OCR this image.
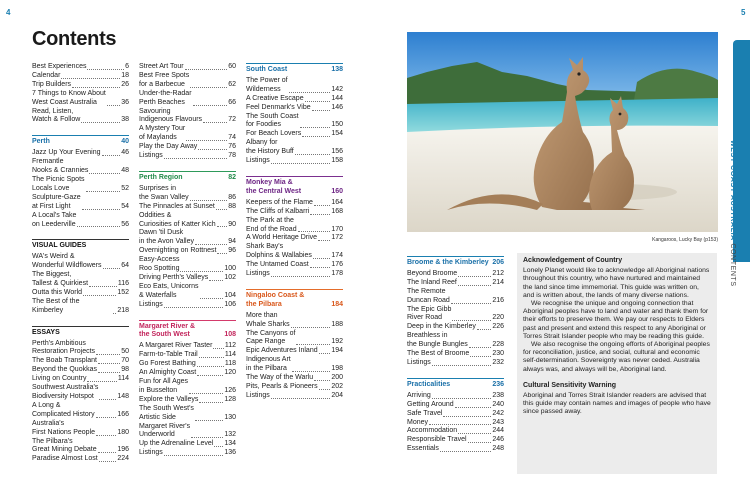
4	5
Contents
Best Experiences	6
Calendar	18
Trip Builders	26
7 Things to Know About
West Coast Australia	36
Read, Listen,
Watch & Follow	38
Perth	40
Jazz Up Your Evening	46
Fremantle
Nooks & Crannies	48
The Picnic Spots
Locals Love	52
Sculpture-Gaze
at First Light	54
A Local's Take
on Leederville	56
VISUAL GUIDES
WA's Weird &
Wonderful Wildflowers	64
The Biggest,
Tallest & Quirkiest	116
Outta this World	152
The Best of the Kimberley	218
ESSAYS
Perth's Ambitious
Restoration Projects	50
The Boab Transplant	70
Beyond the Quokkas	98
Living on Country	114
Southwest Australia's
Biodiversity Hotspot	148
A Long &
Complicated History	166
Australia's
First Nations People	180
The Pilbara's
Great Mining Debate	196
Paradise Almost Lost	224
Street Art Tour	60
Best Free Spots
for a Barbecue	62
Under-the-Radar
Perth Beaches	66
Savouring
Indigenous Flavours	72
A Mystery Tour
of Maylands	74
Play the Day Away	76
Listings	78
Perth Region	82
Surprises in
the Swan Valley	86
The Pinnacles at Sunset 88
Oddities &
Curiosities of Katter Kich 90
Dawn 'til Dusk
in the Avon Valley	94
Overnighting on Rottnest 96
Easy-Access
Roo Spotting	100
Driving Perth's Valleys 102
Eco Eats, Unicorns
& Waterfalls	104
Listings	106
Margaret River &
the South West	108
A Margaret River Taster 112
Farm-to-Table Trail	114
Go Forest Bathing	118
An Almighty Coast	120
Fun for All Ages
in Busselton	126
Explore the Valleys	128
The South West's
Artistic Side	130
Margaret River's
Underworld	132
Up the Adrenaline Level 134
Listings	136
South Coast	138
The Power of
Wilderness	142
A Creative Escape	144
Feel Denmark's Vibe	146
The South Coast
for Foodies	150
For Beach Lovers	154
Albany for
the History Buff	156
Listings	158
Monkey Mia &
the Central West	160
Keepers of the Flame	164
The Cliffs of Kalbarri	168
The Park at the
End of the Road	170
A World Heritage Drive 172
Shark Bay's
Dolphins & Wallabies	174
The Untamed Coast	176
Listings	178
Ningaloo Coast &
the Pilbara	184
More than
Whale Sharks	188
The Canyons of
Cape Range	192
Epic Adventures Inland 194
Indigenous Art
in the Pilbara	198
The Way of the Warlu	200
Pits, Pearls & Pioneers 202
Listings	204
Broome & the Kimberley 206
Beyond Broome	212
The Inland Reef	214
The Remote
Duncan Road	216
The Epic Gibb
River Road	220
Deep in the Kimberley 226
Breathless in
the Bungle Bungles	228
The Best of Broome	230
Listings	232
Practicalities	236
Arriving	238
Getting Around	240
Safe Travel	242
Money	243
Accommodation	244
Responsible Travel	246
Essentials	248

Kangaroos, Lucky Bay (p153) WEST COAST AUSTRALIA CONTENTS
Acknowledgement of Country

Lonely Planet would like to acknowledge all Aboriginal nations throughout this country, who have nurtured and maintained the land since time immemorial. This guide was written on, and is written about, the lands of many diverse nations.

We recognise the unique and ongoing connection that Aboriginal peoples have to land and water and thank them for their efforts to preserve them. We pay our respects to Elders past and present and extend this respect to any Aboriginal or Torres Strait Islander people who may be reading this guide.

We also recognise the ongoing efforts of Aboriginal peoples for reconciliation, justice, and social, cultural and economic self-determination. Sovereignty was never ceded. Australia always was, and always will be, Aboriginal land.

Cultural Sensitivity Warning

Aboriginal and Torres Strait Islander readers are advised that this guide may contain names and images of people who have since passed away.
